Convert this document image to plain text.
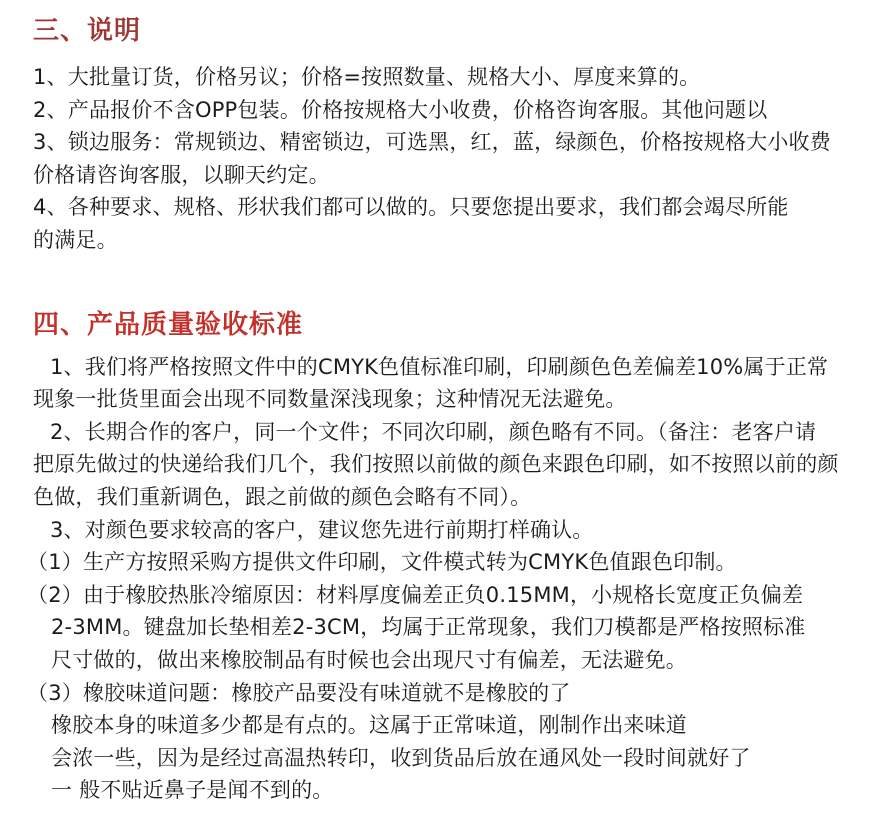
三、说明
1、大批量订货，价格另议；价格=按照数量、规格大小、厚度来算的。
2、产品报价不含OPP包装。价格按规格大小收费，价格咨询客服。其他问题以
3、锁边服务：常规锁边、精密锁边，可选黑，红，蓝，绿颜色，价格按规格大小收费
价格请咨询客服，以聊天约定。
4、各种要求、规格、形状我们都可以做的。只要您提出要求，我们都会竭尽所能
的满足。
四、产品质量验收标准
1、我们将严格按照文件中的CMYK色值标准印刷，印刷颜色色差偏差10%属于正常
现象一批货里面会出现不同数量深浅现象；这种情况无法避免。
2、长期合作的客户，同一个文件；不同次印刷，颜色略有不同。（备注：老客户请
把原先做过的快递给我们几个，我们按照以前做的颜色来跟色印刷，如不按照以前的颜
色做，我们重新调色，跟之前做的颜色会略有不同）。
3、对颜色要求较高的客户，建议您先进行前期打样确认。
（1）生产方按照采购方提供文件印刷，文件模式转为CMYK色值跟色印制。
（2）由于橡胶热胀冷缩原因：材料厚度偏差正负0.15MM，小规格长宽度正负偏差
2-3MM。键盘加长垫相差2-3CM，均属于正常现象，我们刀模都是严格按照标准
尺寸做的，做出来橡胶制品有时候也会出现尺寸有偏差，无法避免。
（3）橡胶味道问题：橡胶产品要没有味道就不是橡胶的了
橡胶本身的味道多少都是有点的。这属于正常味道，刚制作出来味道
会浓一些，因为是经过高温热转印，收到货品后放在通风处一段时间就好了
一 般不贴近鼻子是闻不到的。
